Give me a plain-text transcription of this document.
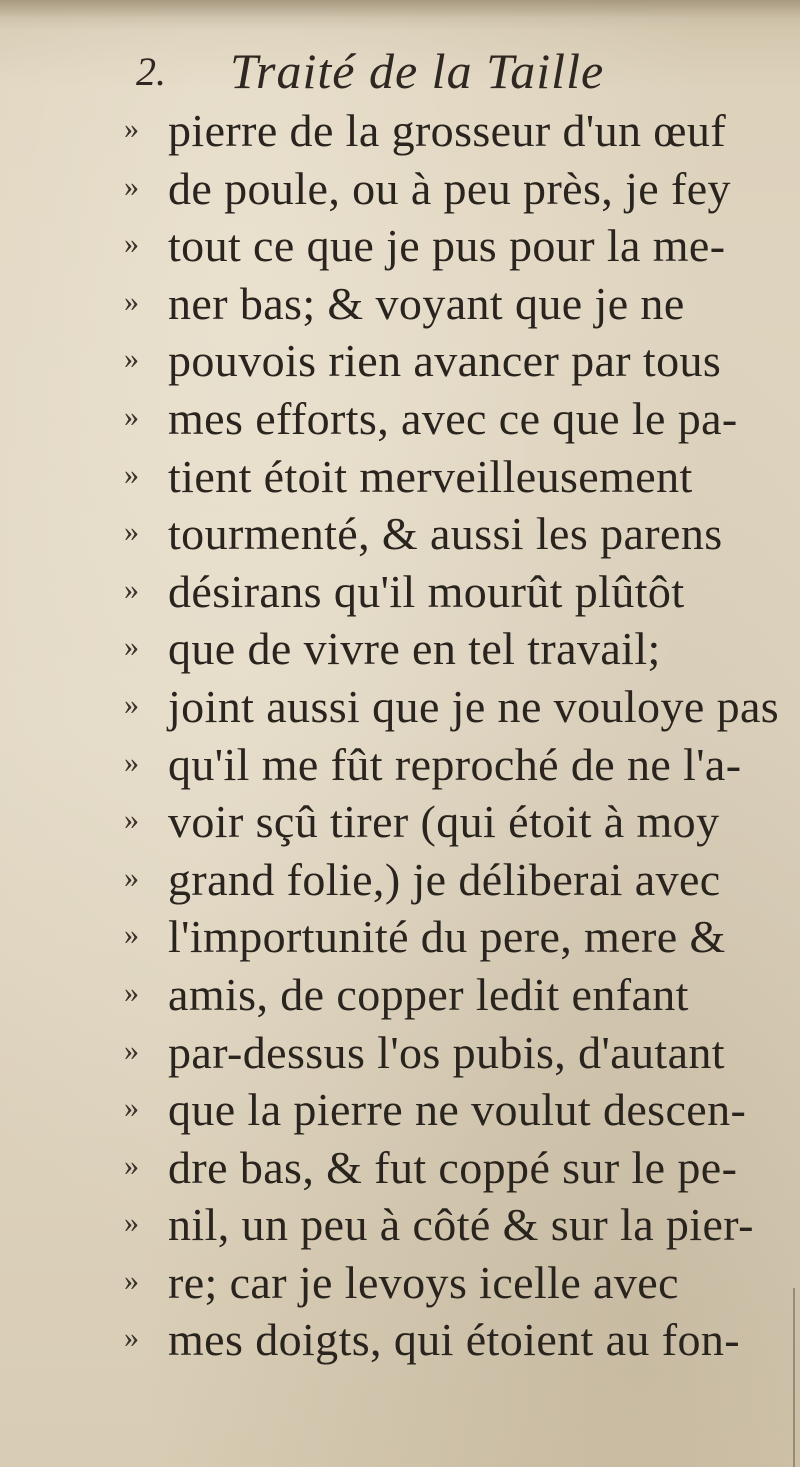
2. Traité de la Taille
» pierre de la grosseur d'un œuf
» de poule, ou à peu près, je fey
» tout ce que je pus pour la me-
» ner bas; & voyant que je ne
» pouvois rien avancer par tous
» mes efforts, avec ce que le pa-
» tient étoit merveilleusement
» tourmenté, & aussi les parens
» désirans qu'il mourût plûtôt
» que de vivre en tel travail;
» joint aussi que je ne vouloye pas
» qu'il me fût reproché de ne l'a-
» voir sçû tirer (qui étoit à moy
» grand folie,) je déliberai avec
» l'importunité du pere, mere &
» amis, de copper ledit enfant
» par-dessus l'os pubis, d'autant
» que la pierre ne voulut descen-
» dre bas, & fut coppé sur le pe-
» nil, un peu à côté & sur la pier-
» re; car je levoys icelle avec
» mes doigts, qui étoient au fon-
